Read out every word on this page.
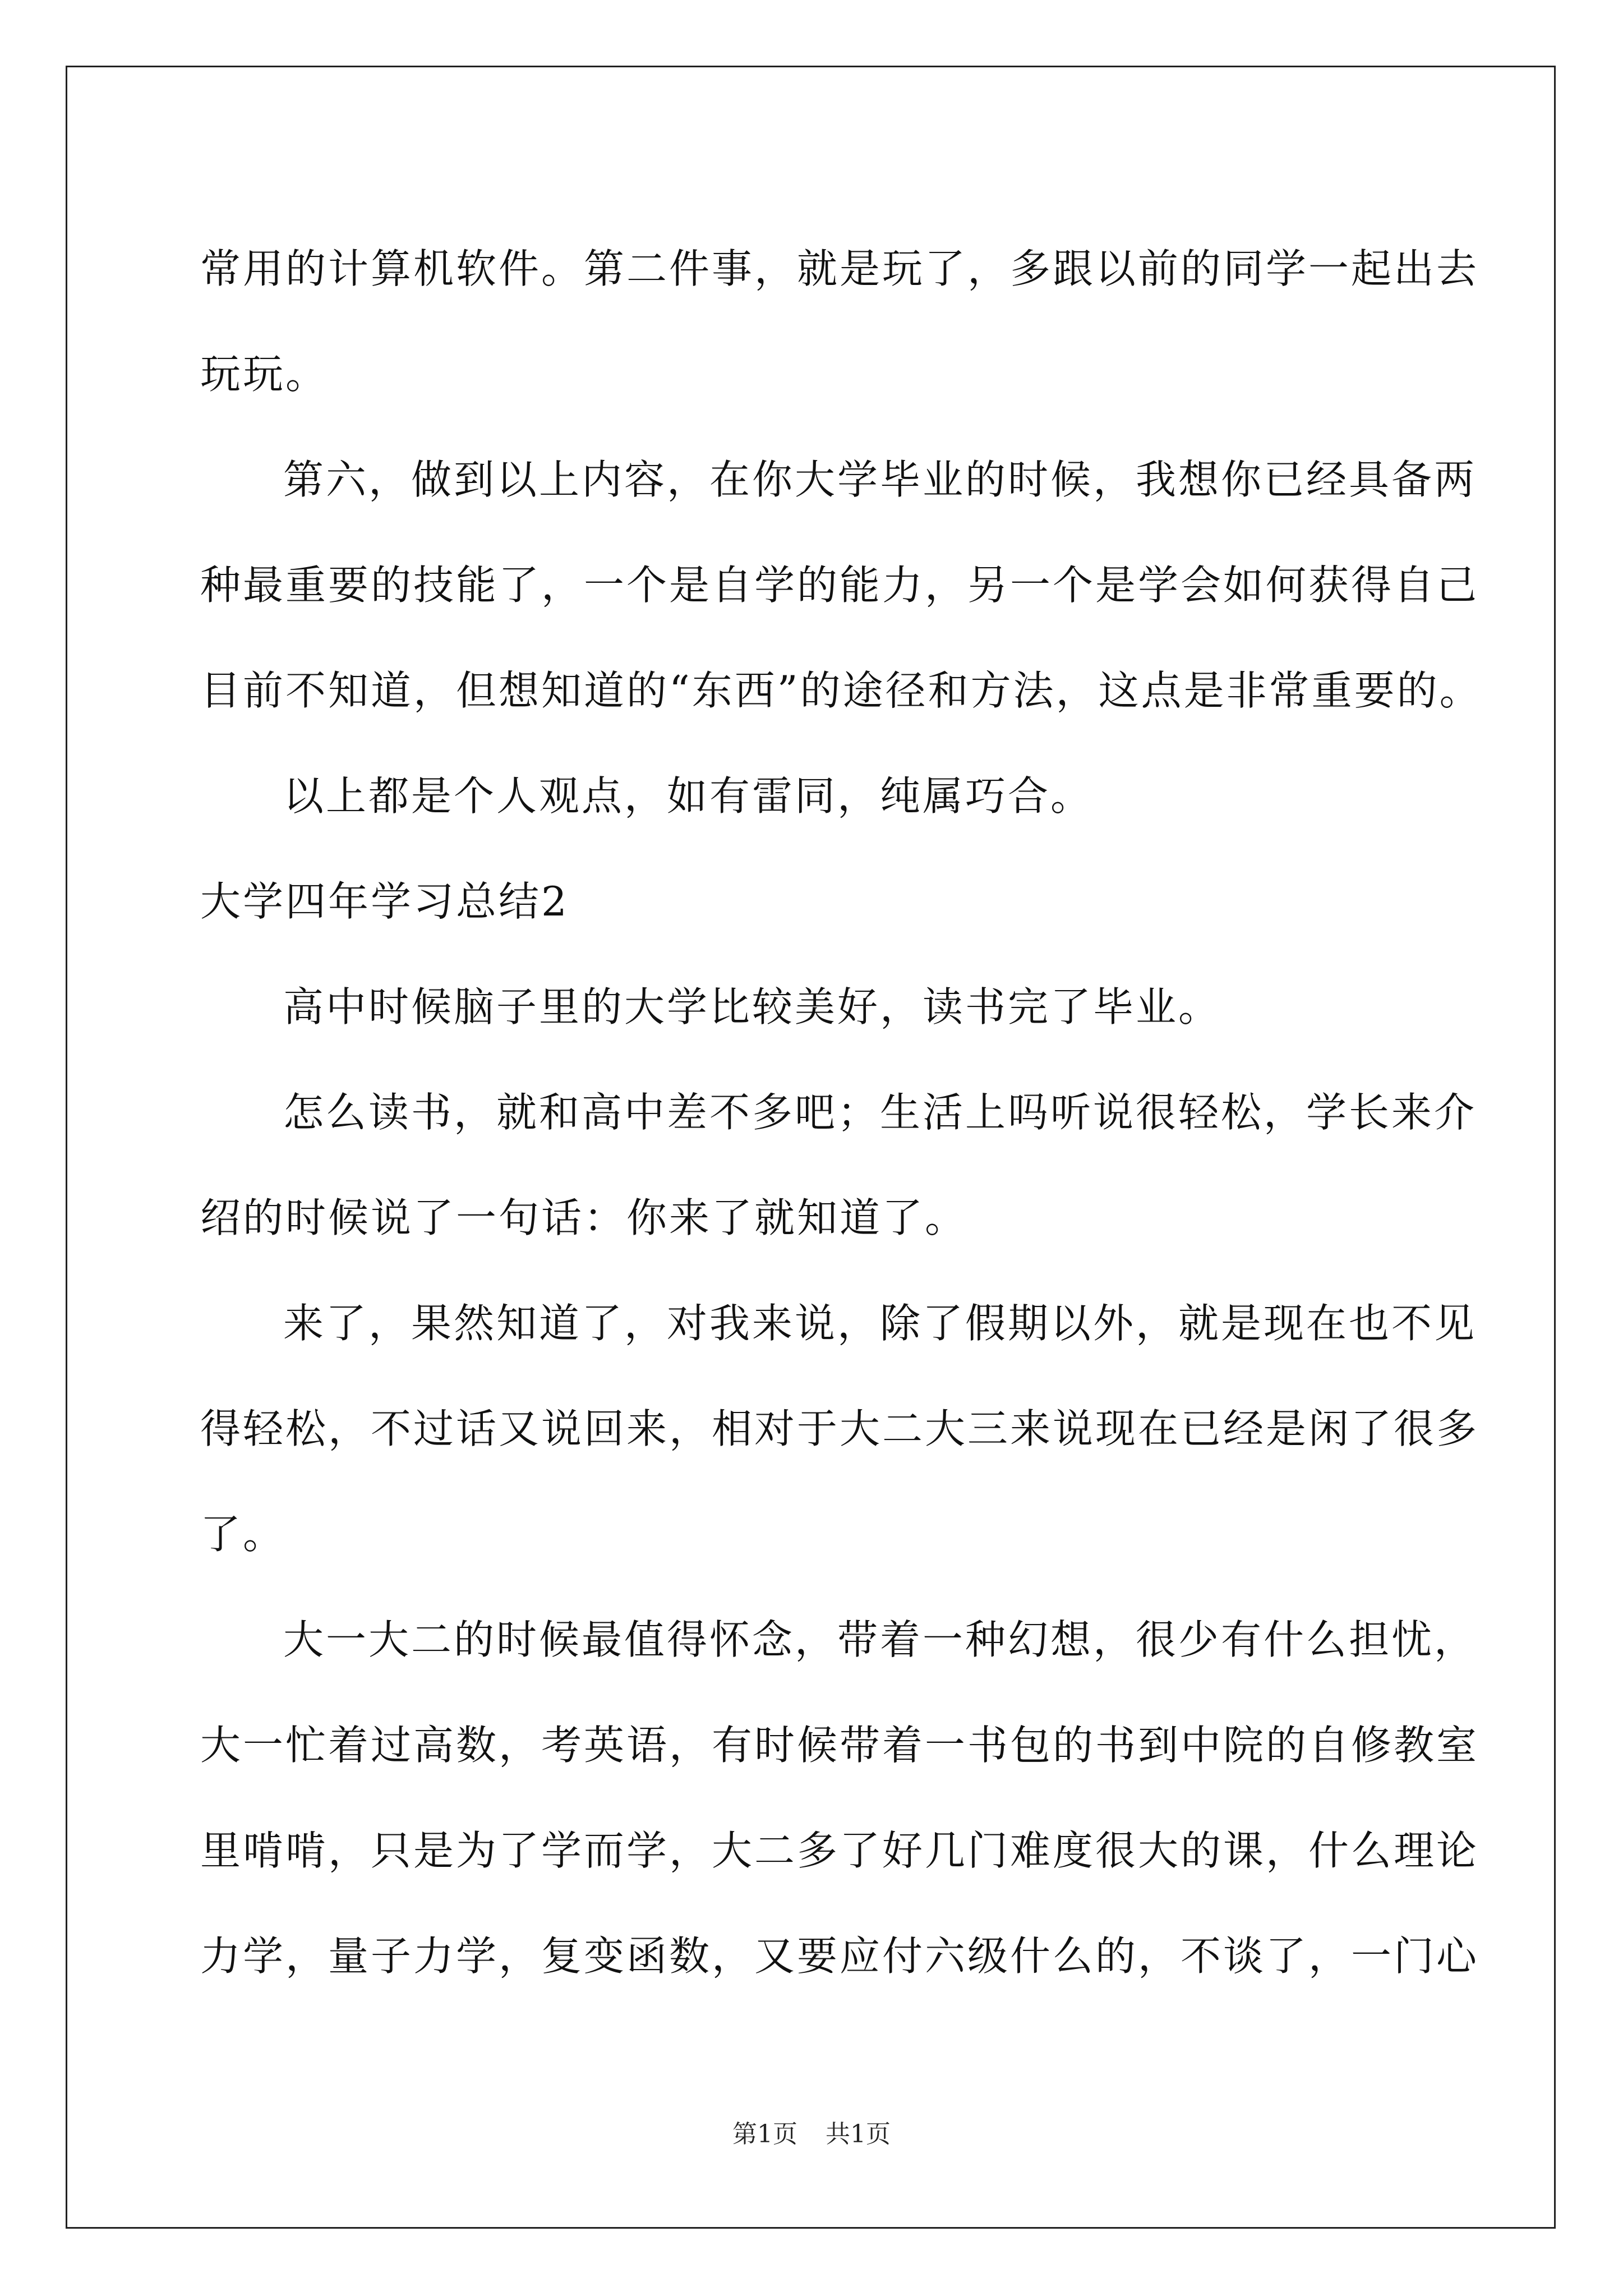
常用的计算机软件。第二件事，就是玩了，多跟以前的同学一起出去
玩玩。
第六，做到以上内容，在你大学毕业的时候，我想你已经具备两
种最重要的技能了，一个是自学的能力，另一个是学会如何获得自己
目前不知道，但想知道的“东西”的途径和方法，这点是非常重要的。
以上都是个人观点，如有雷同，纯属巧合。
大学四年学习总结2
高中时候脑子里的大学比较美好，读书完了毕业。
怎么读书，就和高中差不多吧；生活上吗听说很轻松，学长来介
绍的时候说了一句话：你来了就知道了。
来了，果然知道了，对我来说，除了假期以外，就是现在也不见
得轻松，不过话又说回来，相对于大二大三来说现在已经是闲了很多
了。
大一大二的时候最值得怀念，带着一种幻想，很少有什么担忧，
大一忙着过高数，考英语，有时候带着一书包的书到中院的自修教室
里啃啃，只是为了学而学，大二多了好几门难度很大的课，什么理论
力学，量子力学，复变函数，又要应付六级什么的，不谈了，一门心
第1页 共1页
